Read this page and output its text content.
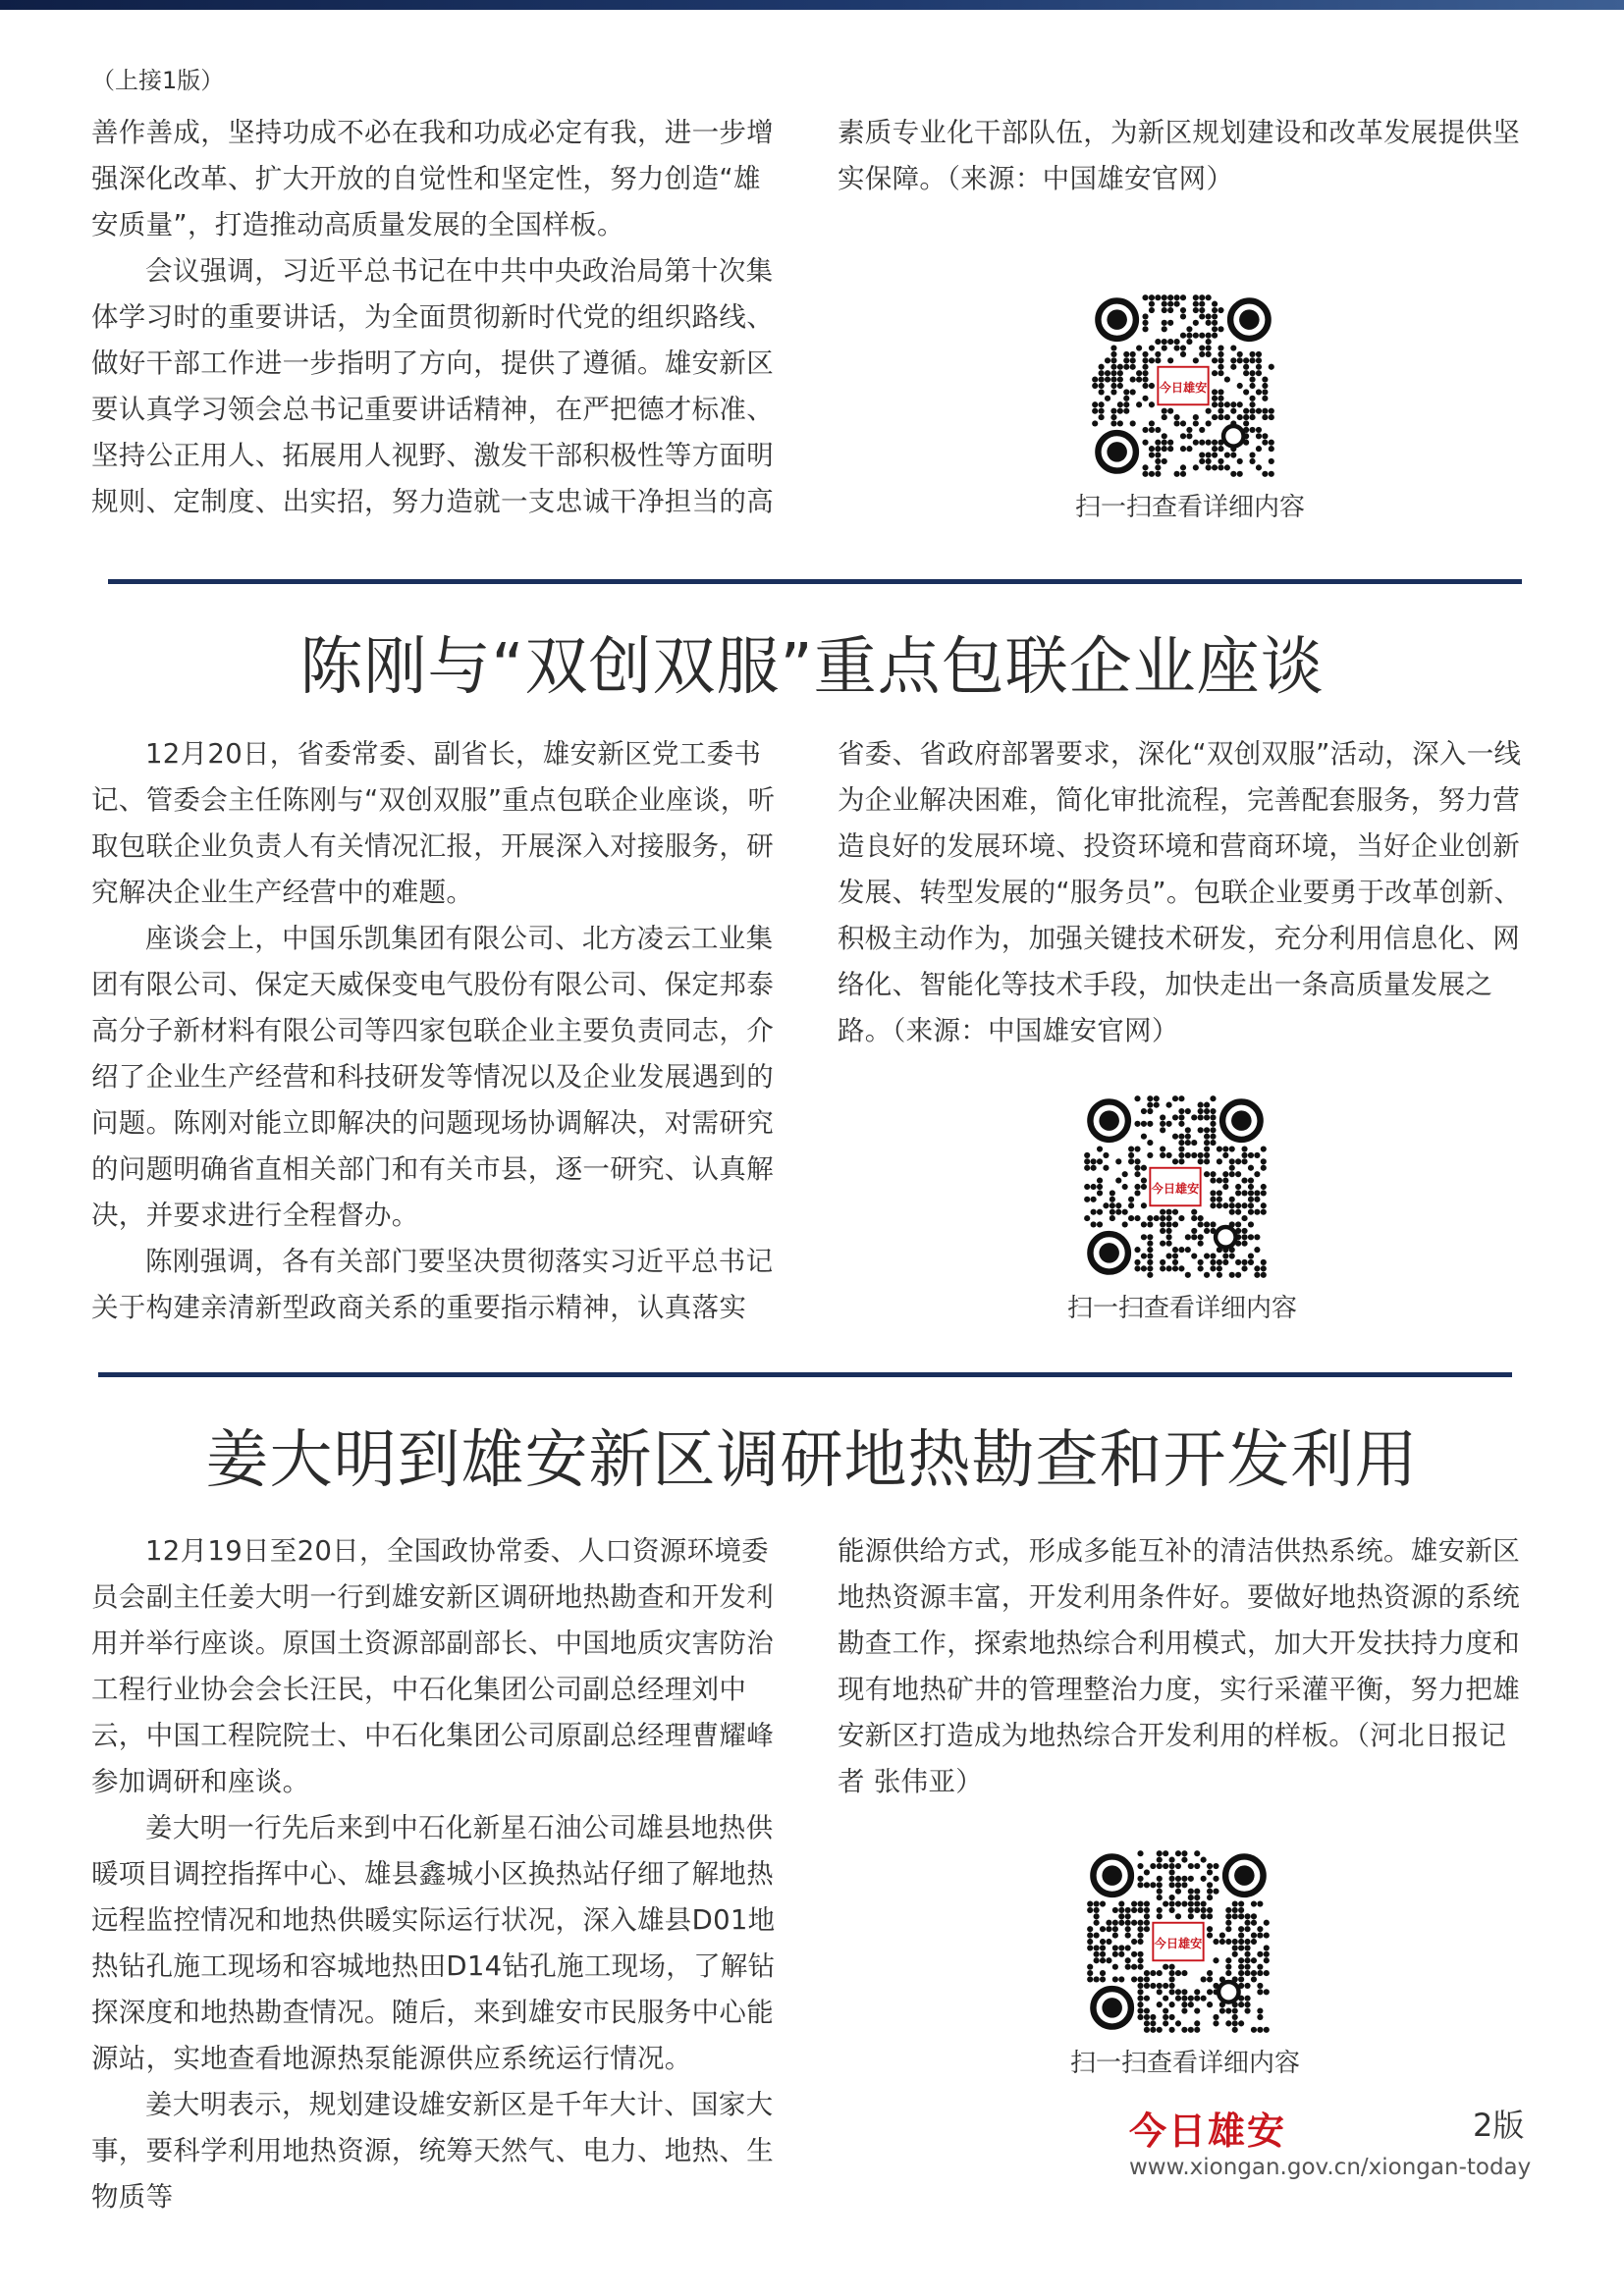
（上接1版）

善作善成，坚持功成不必在我和功成必定有我，进一步增强深化改革、扩大开放的自觉性和坚定性，努力创造“雄安质量”，打造推动高质量发展的全国样板。

会议强调，习近平总书记在中共中央政治局第十次集体学习时的重要讲话，为全面贯彻新时代党的组织路线、做好干部工作进一步指明了方向，提供了遵循。雄安新区要认真学习领会总书记重要讲话精神，在严把德才标准、坚持公正用人、拓展用人视野、激发干部积极性等方面明规则、定制度、出实招，努力造就一支忠诚干净担当的高

素质专业化干部队伍，为新区规划建设和改革发展提供坚实保障。（来源：中国雄安官网）

今日雄安
扫一扫查看详细内容
陈刚与“双创双服”重点包联企业座谈

12月20日，省委常委、副省长，雄安新区党工委书记、管委会主任陈刚与“双创双服”重点包联企业座谈，听取包联企业负责人有关情况汇报，开展深入对接服务，研究解决企业生产经营中的难题。

座谈会上，中国乐凯集团有限公司、北方凌云工业集团有限公司、保定天威保变电气股份有限公司、保定邦泰高分子新材料有限公司等四家包联企业主要负责同志，介绍了企业生产经营和科技研发等情况以及企业发展遇到的问题。陈刚对能立即解决的问题现场协调解决，对需研究的问题明确省直相关部门和有关市县，逐一研究、认真解决，并要求进行全程督办。

陈刚强调，各有关部门要坚决贯彻落实习近平总书记关于构建亲清新型政商关系的重要指示精神，认真落实

省委、省政府部署要求，深化“双创双服”活动，深入一线为企业解决困难，简化审批流程，完善配套服务，努力营造良好的发展环境、投资环境和营商环境，当好企业创新发展、转型发展的“服务员”。包联企业要勇于改革创新、积极主动作为，加强关键技术研发，充分利用信息化、网络化、智能化等技术手段，加快走出一条高质量发展之路。（来源：中国雄安官网）

今日雄安
扫一扫查看详细内容
姜大明到雄安新区调研地热勘查和开发利用

12月19日至20日，全国政协常委、人口资源环境委员会副主任姜大明一行到雄安新区调研地热勘查和开发利用并举行座谈。原国土资源部副部长、中国地质灾害防治工程行业协会会长汪民，中石化集团公司副总经理刘中云，中国工程院院士、中石化集团公司原副总经理曹耀峰参加调研和座谈。

姜大明一行先后来到中石化新星石油公司雄县地热供暖项目调控指挥中心、雄县鑫城小区换热站仔细了解地热远程监控情况和地热供暖实际运行状况，深入雄县D01地热钻孔施工现场和容城地热田D14钻孔施工现场，了解钻探深度和地热勘查情况。随后，来到雄安市民服务中心能源站，实地查看地源热泵能源供应系统运行情况。

姜大明表示，规划建设雄安新区是千年大计、国家大事，要科学利用地热资源，统筹天然气、电力、地热、生物质等

能源供给方式，形成多能互补的清洁供热系统。雄安新区地热资源丰富，开发利用条件好。要做好地热资源的系统勘查工作，探索地热综合利用模式，加大开发扶持力度和现有地热矿井的管理整治力度，实行采灌平衡，努力把雄安新区打造成为地热综合开发利用的样板。（河北日报记者 张伟亚）

今日雄安
扫一扫查看详细内容
今日雄安	2版
www.xiongan.gov.cn/xiongan-today
